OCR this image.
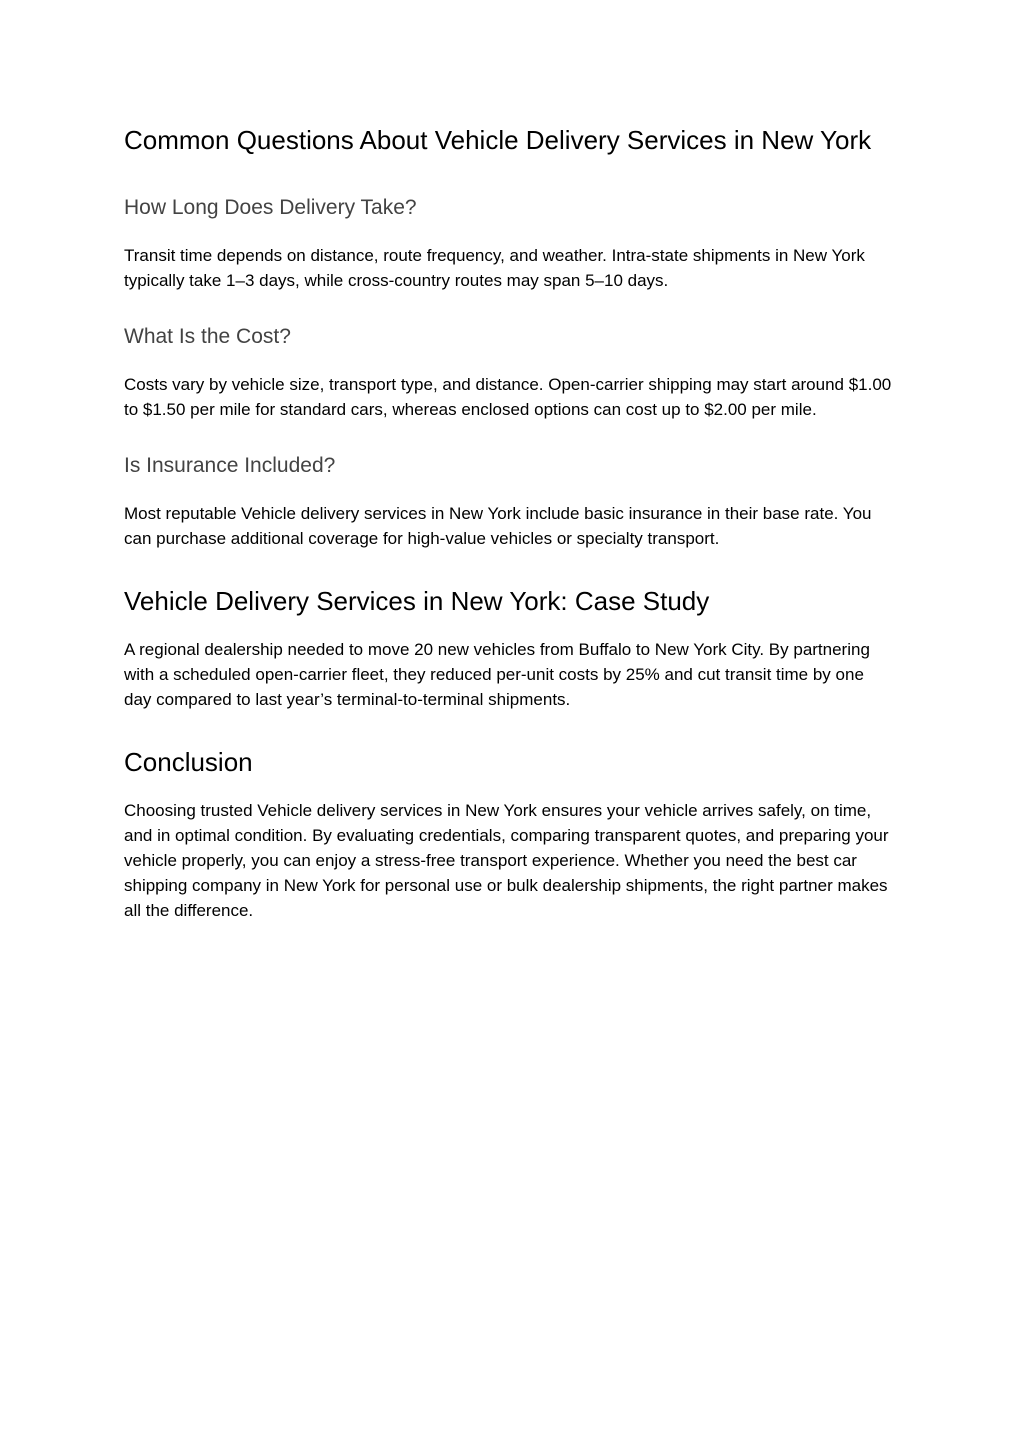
Common Questions About Vehicle Delivery Services in New York
How Long Does Delivery Take?

Transit time depends on distance, route frequency, and weather. Intra-state shipments in New York typically take 1–3 days, while cross-country routes may span 5–10 days.

What Is the Cost?

Costs vary by vehicle size, transport type, and distance. Open-carrier shipping may start around $1.00 to $1.50 per mile for standard cars, whereas enclosed options can cost up to $2.00 per mile.

Is Insurance Included?

Most reputable Vehicle delivery services in New York include basic insurance in their base rate. You can purchase additional coverage for high-value vehicles or specialty transport.

Vehicle Delivery Services in New York: Case Study

A regional dealership needed to move 20 new vehicles from Buffalo to New York City. By partnering with a scheduled open-carrier fleet, they reduced per-unit costs by 25% and cut transit time by one day compared to last year’s terminal-to-terminal shipments.

Conclusion

Choosing trusted Vehicle delivery services in New York ensures your vehicle arrives safely, on time, and in optimal condition. By evaluating credentials, comparing transparent quotes, and preparing your vehicle properly, you can enjoy a stress-free transport experience. Whether you need the best car shipping company in New York for personal use or bulk dealership shipments, the right partner makes all the difference.
